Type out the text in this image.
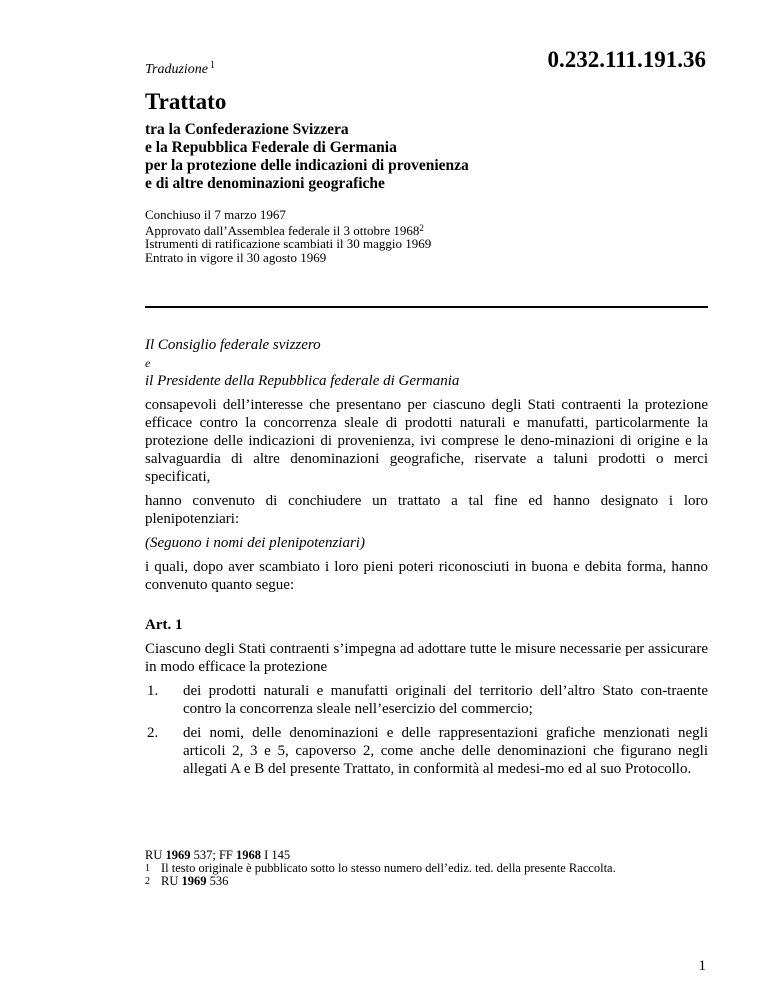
Traduzione $^1$	0.232.111.191.36
Trattato
tra la Confederazione Svizzera
e la Repubblica Federale di Germania
per la protezione delle indicazioni di provenienza
e di altre denominazioni geografiche
Conchiuso il 7 marzo 1967
Approvato dall’Assemblea federale il 3 ottobre 1968$^2$
Istrumenti di ratificazione scambiati il 30 maggio 1969
Entrato in vigore il 30 agosto 1969

Il Consiglio federale svizzero

e

il Presidente della Repubblica federale di Germania

consapevoli dell’interesse che presentano per ciascuno degli Stati contraenti la protezione efficace contro la concorrenza sleale di prodotti naturali e manufatti, particolarmente la protezione delle indicazioni di provenienza, ivi comprese le deno-minazioni di origine e la salvaguardia di altre denominazioni geografiche, riservate a taluni prodotti o merci specificati,

hanno convenuto di conchiudere un trattato a tal fine ed hanno designato i loro plenipotenziari:

(Seguono i nomi dei plenipotenziari)

i quali, dopo aver scambiato i loro pieni poteri riconosciuti in buona e debita forma, hanno convenuto quanto segue:

Art. 1

Ciascuno degli Stati contraenti s’impegna ad adottare tutte le misure necessarie per assicurare in modo efficace la protezione

1.	dei prodotti naturali e manufatti originali del territorio dell’altro Stato con-traente contro la concorrenza sleale nell’esercizio del commercio;
2.	dei nomi, delle denominazioni e delle rappresentazioni grafiche menzionati negli articoli 2, 3 e 5, capoverso 2, come anche delle denominazioni che figurano negli allegati A e B del presente Trattato, in conformità al medesi-mo ed al suo Protocollo.
RU 1969 537; FF 1968 I 145
1 Il testo originale è pubblicato sotto lo stesso numero dell’ediz. ted. della presente Raccolta.
2 RU 1969 536
1
